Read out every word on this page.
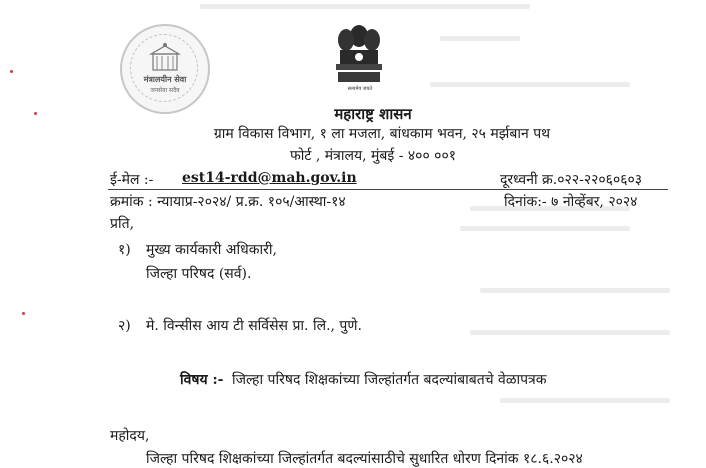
मंत्रालयीन सेवा
जनसेवा सदैव	सत्यमेव जयते
महाराष्ट्र शासन
ग्राम विकास विभाग, १ ला मजला, बांधकाम भवन, २५ मर्झबान पथ
फोर्ट , मंत्रालय, मुंबई - ४०० ००१
ई-मेल :- est14-rdd@mah.gov.in	दूरध्वनी क्र.०२२-२२०६०६०३
क्रमांक : न्यायाप्र-२०२४/ प्र.क्र. १०५/आस्था-१४	दिनांक:- ७ नोव्हेंबर, २०२४
प्रति,
१) मुख्य कार्यकारी अधिकारी,
जिल्हा परिषद (सर्व).
२) मे. विन्सीस आय टी सर्विसेस प्रा. लि., पुणे.
विषय :- जिल्हा परिषद शिक्षकांच्या जिल्हांतर्गत बदल्यांबाबतचे वेळापत्रक
महोदय,
जिल्हा परिषद शिक्षकांच्या जिल्हांतर्गत बदल्यांसाठीचे सुधारित धोरण दिनांक १८.६.२०२४
